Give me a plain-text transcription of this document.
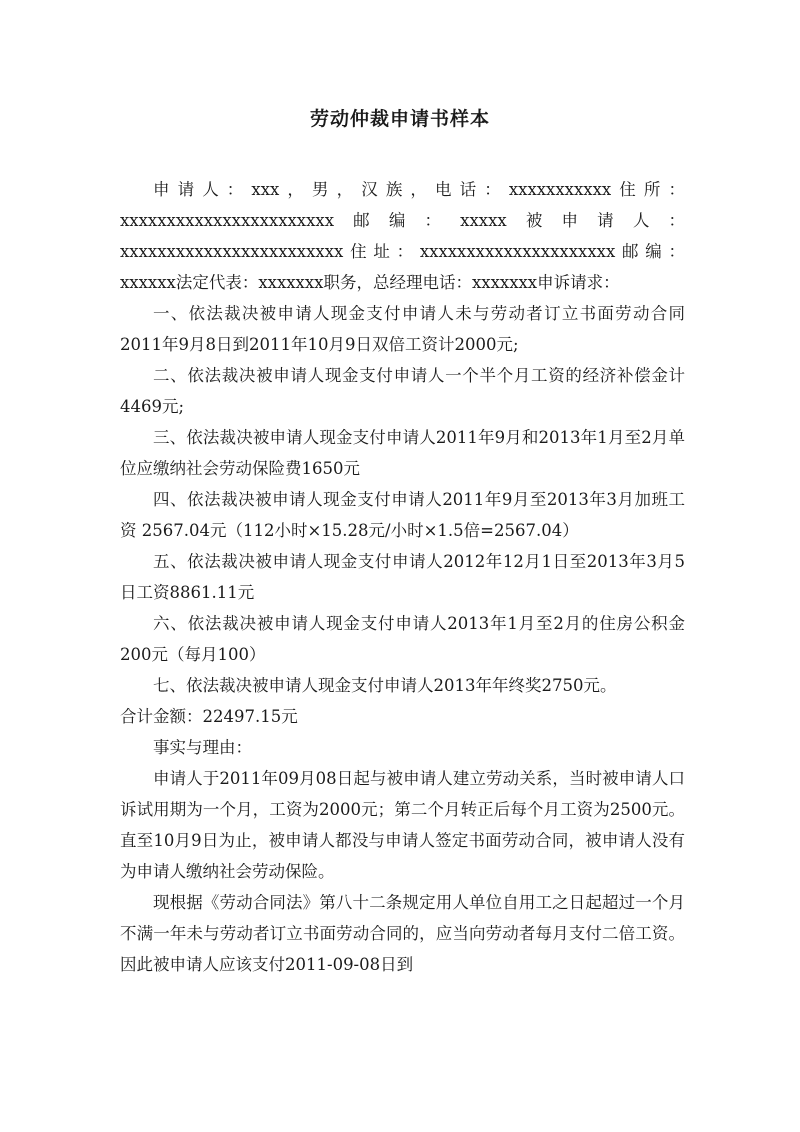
劳动仲裁申请书样本

申请人：xxx，男，汉族，电话：xxxxxxxxxxx住所：xxxxxxxxxxxxxxxxxxxxxxx邮编：xxxxx被申请人：xxxxxxxxxxxxxxxxxxxxxxxx住址：xxxxxxxxxxxxxxxxxxxxx邮编：xxxxxx法定代表：xxxxxxx职务，总经理电话：xxxxxxx申诉请求：

一、依法裁决被申请人现金支付申请人未与劳动者订立书面劳动合同2011年9月8日到2011年10月9日双倍工资计2000元;

二、依法裁决被申请人现金支付申请人一个半个月工资的经济补偿金计4469元;

三、依法裁决被申请人现金支付申请人2011年9月和2013年1月至2月单位应缴纳社会劳动保险费1650元

四、依法裁决被申请人现金支付申请人2011年9月至2013年3月加班工资 2567.04元（112小时×15.28元/小时×1.5倍=2567.04）

五、依法裁决被申请人现金支付申请人2012年12月1日至2013年3月5日工资8861.11元

六、依法裁决被申请人现金支付申请人2013年1月至2月的住房公积金200元（每月100）

七、依法裁决被申请人现金支付申请人2013年年终奖2750元。

合计金额：22497.15元

事实与理由：

申请人于2011年09月08日起与被申请人建立劳动关系，当时被申请人口诉试用期为一个月，工资为2000元；第二个月转正后每个月工资为2500元。直至10月9日为止，被申请人都没与申请人签定书面劳动合同，被申请人没有为申请人缴纳社会劳动保险。

现根据《劳动合同法》第八十二条规定用人单位自用工之日起超过一个月不满一年未与劳动者订立书面劳动合同的，应当向劳动者每月支付二倍工资。因此被申请人应该支付2011-09-08日到
